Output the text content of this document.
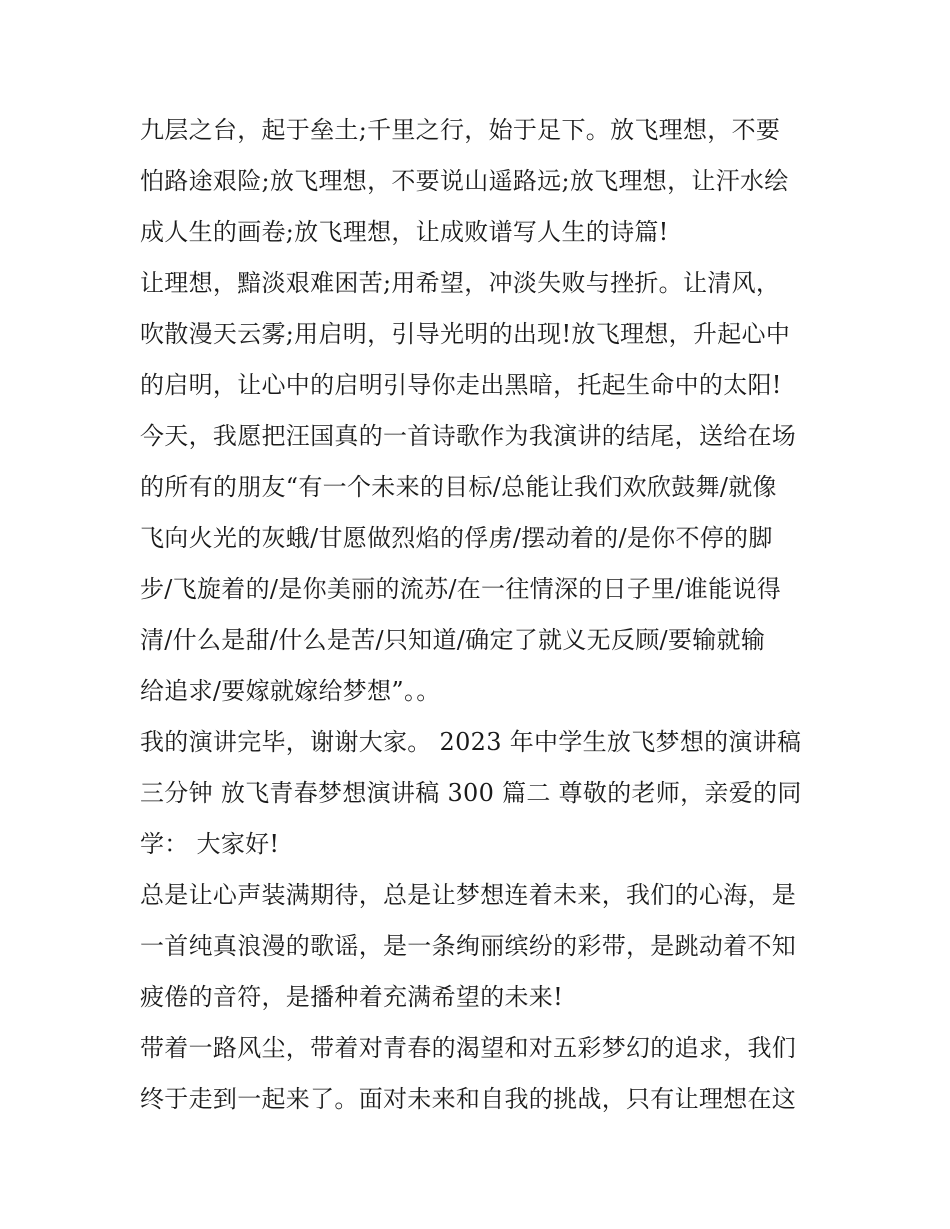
九层之台，起于垒土;千里之行，始于足下。放飞理想，不要
怕路途艰险;放飞理想，不要说山遥路远;放飞理想，让汗水绘
成人生的画卷;放飞理想，让成败谱写人生的诗篇!
让理想，黯淡艰难困苦;用希望，冲淡失败与挫折。让清风，
吹散漫天云雾;用启明，引导光明的出现!放飞理想，升起心中
的启明，让心中的启明引导你走出黑暗，托起生命中的太阳!
今天，我愿把汪国真的一首诗歌作为我演讲的结尾，送给在场
的所有的朋友“有一个未来的目标/总能让我们欢欣鼓舞/就像
飞向火光的灰蛾/甘愿做烈焰的俘虏/摆动着的/是你不停的脚
步/飞旋着的/是你美丽的流苏/在一往情深的日子里/谁能说得
清/什么是甜/什么是苦/只知道/确定了就义无反顾/要输就输
给追求/要嫁就嫁给梦想”。。
我的演讲完毕，谢谢大家。 2023 年中学生放飞梦想的演讲稿
三分钟 放飞青春梦想演讲稿 300 篇二 尊敬的老师，亲爱的同
学： 大家好!
总是让心声装满期待，总是让梦想连着未来，我们的心海，是
一首纯真浪漫的歌谣，是一条绚丽缤纷的彩带，是跳动着不知
疲倦的音符，是播种着充满希望的未来!
带着一路风尘，带着对青春的渴望和对五彩梦幻的追求，我们
终于走到一起来了。面对未来和自我的挑战，只有让理想在这
